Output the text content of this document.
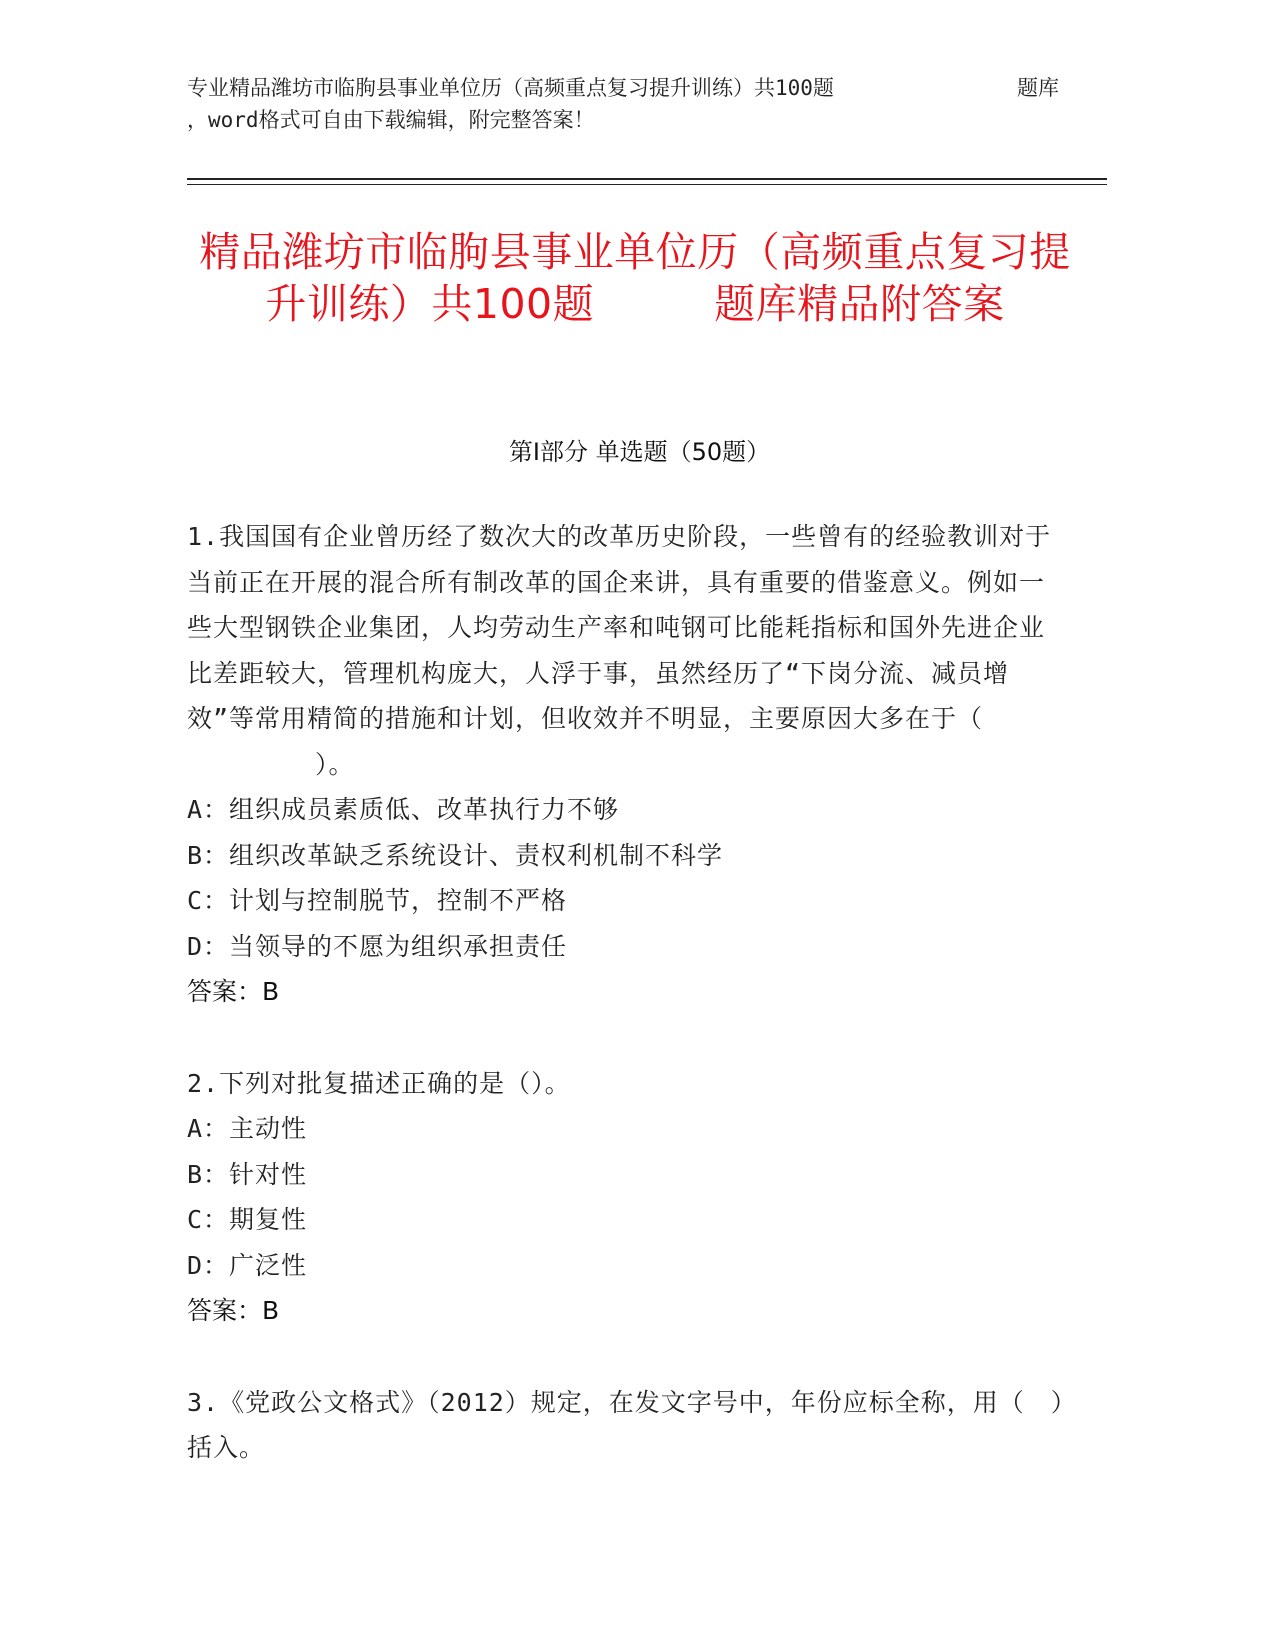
专业精品潍坊市临朐县事业单位历（高频重点复习提升训练）共100题	题库
，word格式可自由下载编辑，附完整答案！
精品潍坊市临朐县事业单位历（高频重点复习提升训练）共100题	题库精品附答案
第Ⅰ部分 单选题（50题）

1.我国国有企业曾历经了数次大的改革历史阶段，一些曾有的经验教训对于当前正在开展的混合所有制改革的国企来讲，具有重要的借鉴意义。例如一些大型钢铁企业集团，人均劳动生产率和吨钢可比能耗指标和国外先进企业比差距较大，管理机构庞大，人浮于事，虽然经历了“下岗分流、减员增效”等常用精简的措施和计划，但收效并不明显，主要原因大多在于（）。

A：组织成员素质低、改革执行力不够

B：组织改革缺乏系统设计、责权利机制不科学

C：计划与控制脱节，控制不严格

D：当领导的不愿为组织承担责任

答案：B

2.下列对批复描述正确的是（）。

A：主动性

B：针对性

C：期复性

D：广泛性

答案：B

3.《党政公文格式》（2012）规定，在发文字号中，年份应标全称，用（　）括入。
